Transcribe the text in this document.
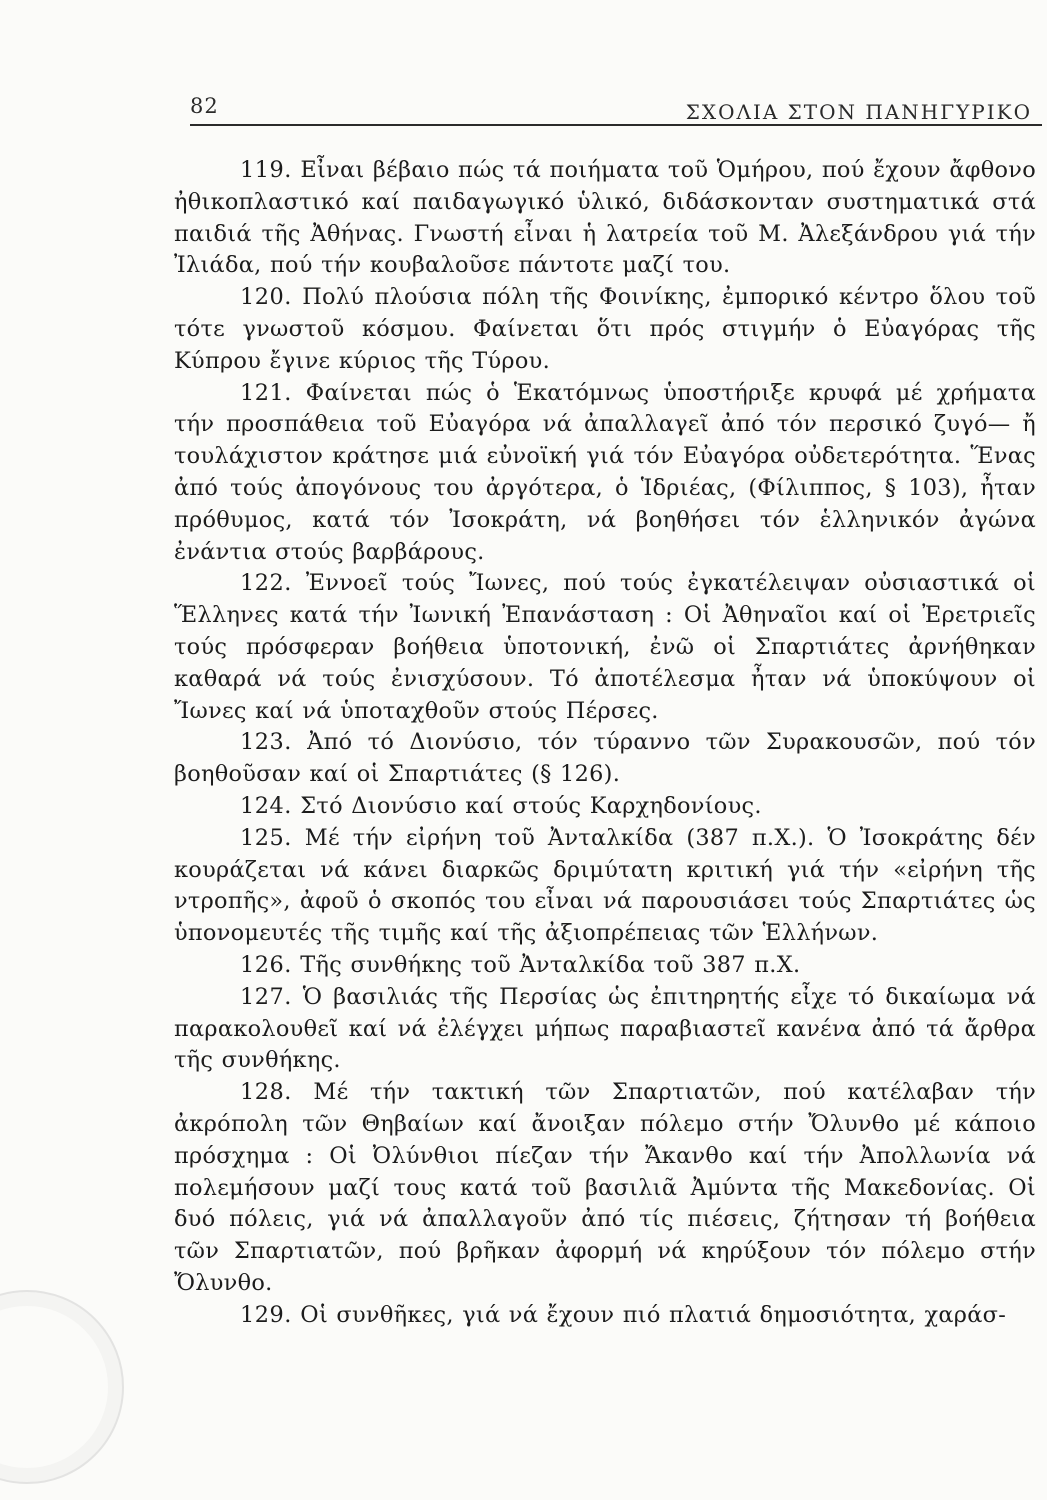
82	ΣΧΟΛΙΑ ΣΤΟΝ ΠΑΝΗΓΥΡΙΚΟ

119. Εἶναι βέβαιο πώς τά ποιήματα τοῦ Ὁμήρου, πού ἔχουν ἄφθονο ἠθικοπλαστικό καί παιδαγωγικό ὑλικό, διδάσκονταν συστηματικά στά παιδιά τῆς Ἀθήνας. Γνωστή εἶναι ἡ λατρεία τοῦ Μ. Ἀλεξάνδρου γιά τήν Ἰλιάδα, πού τήν κουβαλοῦσε πάντοτε μαζί του.

120. Πολύ πλούσια πόλη τῆς Φοινίκης, ἐμπορικό κέντρο ὅλου τοῦ τότε γνωστοῦ κόσμου. Φαίνεται ὅτι πρός στιγμήν ὁ Εὐαγόρας τῆς Κύπρου ἔγινε κύριος τῆς Τύρου.

121. Φαίνεται πώς ὁ Ἑκατόμνως ὑποστήριξε κρυφά μέ χρήματα τήν προσπάθεια τοῦ Εὐαγόρα νά ἀπαλλαγεῖ ἀπό τόν περσικό ζυγό— ἤ τουλάχιστον κράτησε μιά εὐνοϊκή γιά τόν Εὐαγόρα οὐδετερότητα. Ἕνας ἀπό τούς ἀπογόνους του ἀργότερα, ὁ Ἱδριέας, (Φίλιππος, § 103), ἦταν πρόθυμος, κατά τόν Ἰσοκράτη, νά βοηθήσει τόν ἑλληνικόν ἀγώνα ἐνάντια στούς βαρβάρους.

122. Ἐννοεῖ τούς Ἴωνες, πού τούς ἐγκατέλειψαν οὐσιαστικά οἱ Ἕλληνες κατά τήν Ἰωνική Ἐπανάσταση : Οἱ Ἀθηναῖοι καί οἱ Ἐρετριεῖς τούς πρόσφεραν βοήθεια ὑποτονική, ἐνῶ οἱ Σπαρτιάτες ἀρνήθηκαν καθαρά νά τούς ἐνισχύσουν. Τό ἀποτέλεσμα ἦταν νά ὑποκύψουν οἱ Ἴωνες καί νά ὑποταχθοῦν στούς Πέρσες.

123. Ἀπό τό Διονύσιο, τόν τύραννο τῶν Συρακουσῶν, πού τόν βοηθοῦσαν καί οἱ Σπαρτιάτες (§ 126).

124. Στό Διονύσιο καί στούς Καρχηδονίους.

125. Μέ τήν εἰρήνη τοῦ Ἀνταλκίδα (387 π.Χ.). Ὁ Ἰσοκράτης δέν κουράζεται νά κάνει διαρκῶς δριμύτατη κριτική γιά τήν «εἰρήνη τῆς ντροπῆς», ἀφοῦ ὁ σκοπός του εἶναι νά παρουσιάσει τούς Σπαρτιάτες ὡς ὑπονομευτές τῆς τιμῆς καί τῆς ἀξιοπρέπειας τῶν Ἑλλήνων.

126. Τῆς συνθήκης τοῦ Ἀνταλκίδα τοῦ 387 π.Χ.

127. Ὁ βασιλιάς τῆς Περσίας ὡς ἐπιτηρητής εἶχε τό δικαίωμα νά παρακολουθεῖ καί νά ἐλέγχει μήπως παραβιαστεῖ κανένα ἀπό τά ἄρθρα τῆς συνθήκης.

128. Μέ τήν τακτική τῶν Σπαρτιατῶν, πού κατέλαβαν τήν ἀκρόπολη τῶν Θηβαίων καί ἄνοιξαν πόλεμο στήν Ὄλυνθο μέ κάποιο πρόσχημα : Οἱ Ὀλύνθιοι πίεζαν τήν Ἄκανθο καί τήν Ἀπολλωνία νά πολεμήσουν μαζί τους κατά τοῦ βασιλιᾶ Ἀμύντα τῆς Μακεδονίας. Οἱ δυό πόλεις, γιά νά ἀπαλλαγοῦν ἀπό τίς πιέσεις, ζήτησαν τή βοήθεια τῶν Σπαρτιατῶν, πού βρῆκαν ἀφορμή νά κηρύξουν τόν πόλεμο στήν Ὄλυνθο.

129. Οἱ συνθῆκες, γιά νά ἔχουν πιό πλατιά δημοσιότητα, χαράσ-
